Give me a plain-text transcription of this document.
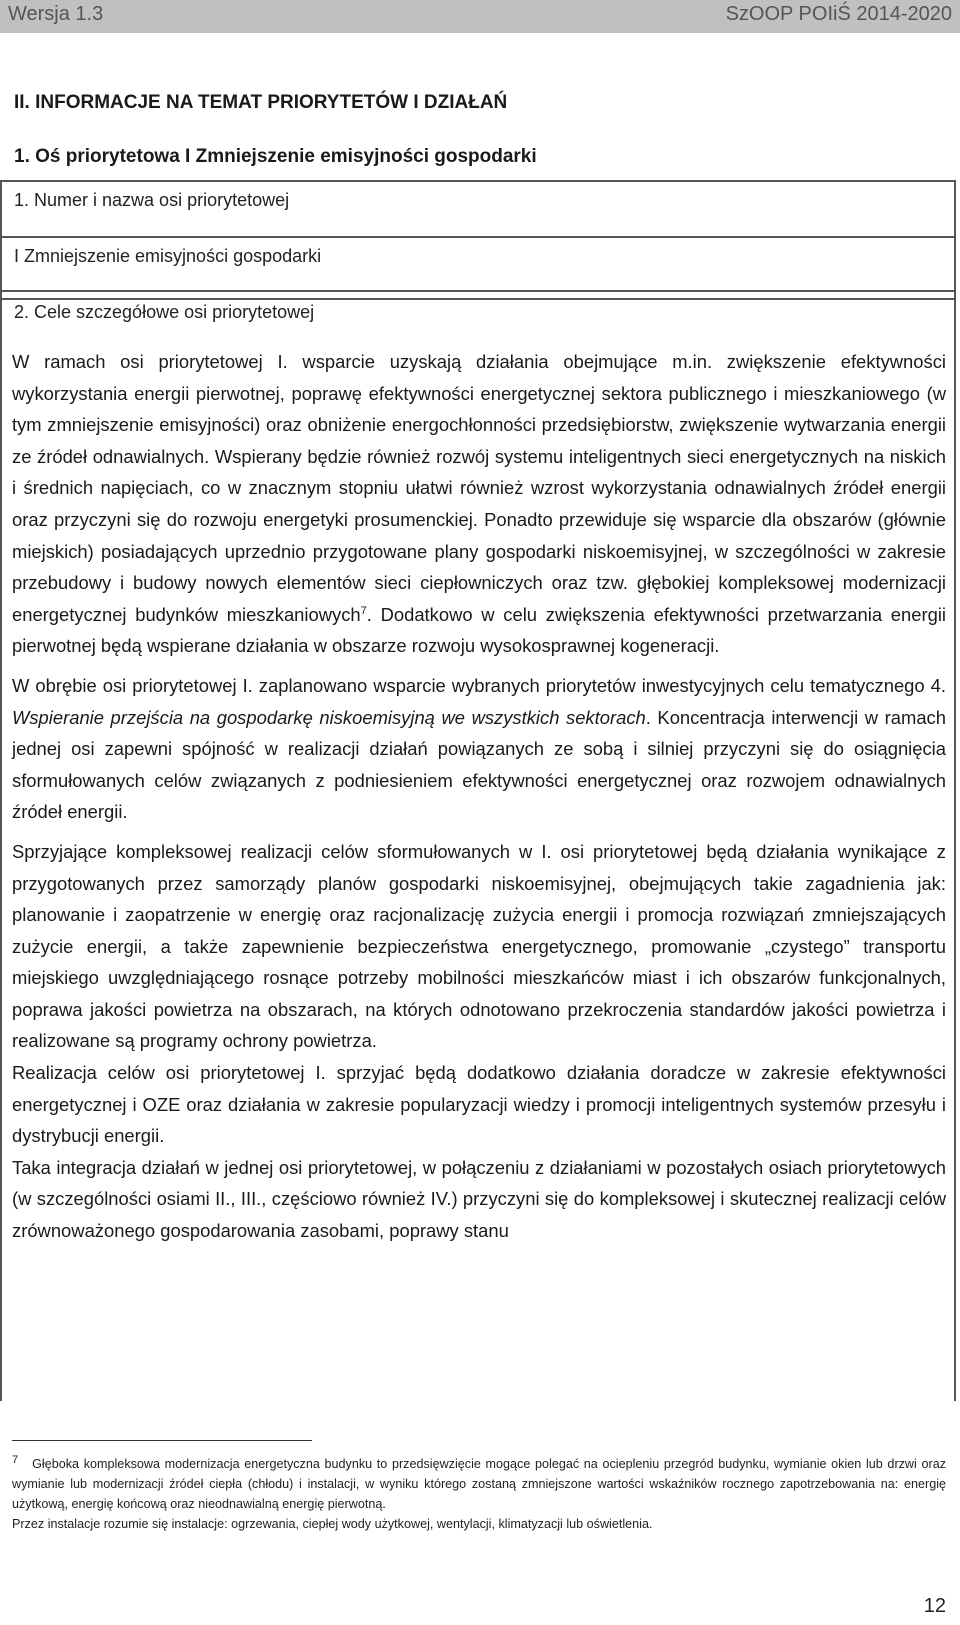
Wersja 1.3	SzOOP POIiŚ 2014-2020
II. INFORMACJE NA TEMAT PRIORYTETÓW I DZIAŁAŃ
1. Oś priorytetowa I Zmniejszenie emisyjności gospodarki
1. Numer i nazwa osi priorytetowej
I Zmniejszenie emisyjności gospodarki
2. Cele szczegółowe osi priorytetowej

W ramach osi priorytetowej I. wsparcie uzyskają działania obejmujące m.in. zwiększenie efektywności wykorzystania energii pierwotnej, poprawę efektywności energetycznej sektora publicznego i mieszkaniowego (w tym zmniejszenie emisyjności) oraz obniżenie energochłonności przedsiębiorstw, zwiększenie wytwarzania energii ze źródeł odnawialnych. Wspierany będzie również rozwój systemu inteligentnych sieci energetycznych na niskich i średnich napięciach, co w znacznym stopniu ułatwi również wzrost wykorzystania odnawialnych źródeł energii oraz przyczyni się do rozwoju energetyki prosumenckiej. Ponadto przewiduje się wsparcie dla obszarów (głównie miejskich) posiadających uprzednio przygotowane plany gospodarki niskoemisyjnej, w szczególności w zakresie przebudowy i budowy nowych elementów sieci ciepłowniczych oraz tzw. głębokiej kompleksowej modernizacji energetycznej budynków mieszkaniowych$^7$. Dodatkowo w celu zwiększenia efektywności przetwarzania energii pierwotnej będą wspierane działania w obszarze rozwoju wysokosprawnej kogeneracji.

W obrębie osi priorytetowej I. zaplanowano wsparcie wybranych priorytetów inwestycyjnych celu tematycznego 4. Wspieranie przejścia na gospodarkę niskoemisyjną we wszystkich sektorach. Koncentracja interwencji w ramach jednej osi zapewni spójność w realizacji działań powiązanych ze sobą i silniej przyczyni się do osiągnięcia sformułowanych celów związanych z podniesieniem efektywności energetycznej oraz rozwojem odnawialnych źródeł energii.

Sprzyjające kompleksowej realizacji celów sformułowanych w I. osi priorytetowej będą działania wynikające z przygotowanych przez samorządy planów gospodarki niskoemisyjnej, obejmujących takie zagadnienia jak: planowanie i zaopatrzenie w energię oraz racjonalizację zużycia energii i promocja rozwiązań zmniejszających zużycie energii, a także zapewnienie bezpieczeństwa energetycznego, promowanie „czystego” transportu miejskiego uwzględniającego rosnące potrzeby mobilności mieszkańców miast i ich obszarów funkcjonalnych, poprawa jakości powietrza na obszarach, na których odnotowano przekroczenia standardów jakości powietrza i realizowane są programy ochrony powietrza.

Realizacja celów osi priorytetowej I. sprzyjać będą dodatkowo działania doradcze w zakresie efektywności energetycznej i OZE oraz działania w zakresie popularyzacji wiedzy i promocji inteligentnych systemów przesyłu i dystrybucji energii.

Taka integracja działań w jednej osi priorytetowej, w połączeniu z działaniami w pozostałych osiach priorytetowych (w szczególności osiami II., III., częściowo również IV.) przyczyni się do kompleksowej i skutecznej realizacji celów zrównoważonego gospodarowania zasobami, poprawy stanu

7 Głęboka kompleksowa modernizacja energetyczna budynku to przedsięwzięcie mogące polegać na ociepleniu przegród budynku, wymianie okien lub drzwi oraz wymianie lub modernizacji źródeł ciepła (chłodu) i instalacji, w wyniku którego zostaną zmniejszone wartości wskaźników rocznego zapotrzebowania na: energię użytkową, energię końcową oraz nieodnawialną energię pierwotną.
Przez instalacje rozumie się instalacje: ogrzewania, ciepłej wody użytkowej, wentylacji, klimatyzacji lub oświetlenia.
12
